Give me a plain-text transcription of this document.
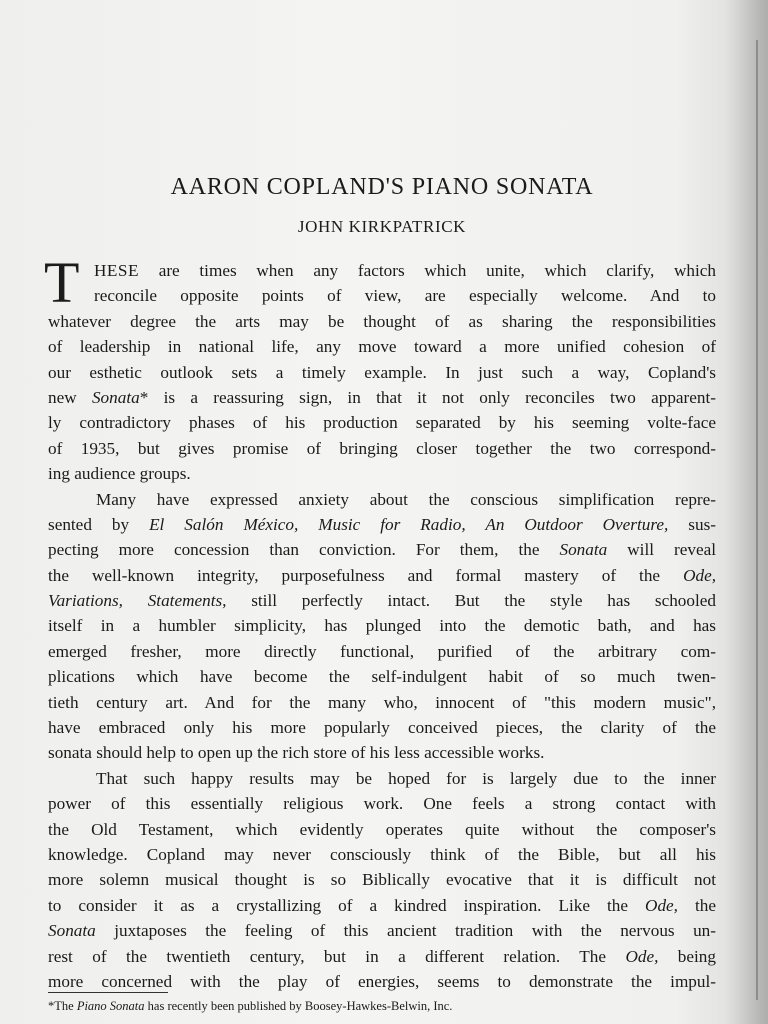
AARON COPLAND'S PIANO SONATA
JOHN KIRKPATRICK
T HESE are times when any factors which unite, which clarify, which
reconcile opposite points of view, are especially welcome. And to
whatever degree the arts may be thought of as sharing the responsibilities
of leadership in national life, any move toward a more unified cohesion of
our esthetic outlook sets a timely example. In just such a way, Copland's
new Sonata* is a reassuring sign, in that it not only reconciles two apparent-
ly contradictory phases of his production separated by his seeming volte-face
of 1935, but gives promise of bringing closer together the two correspond-
ing audience groups.
Many have expressed anxiety about the conscious simplification repre-
sented by El Salón México, Music for Radio, An Outdoor Overture, sus-
pecting more concession than conviction. For them, the Sonata will reveal
the well-known integrity, purposefulness and formal mastery of the Ode,
Variations, Statements, still perfectly intact. But the style has schooled
itself in a humbler simplicity, has plunged into the demotic bath, and has
emerged fresher, more directly functional, purified of the arbitrary com-
plications which have become the self-indulgent habit of so much twen-
tieth century art. And for the many who, innocent of "this modern music",
have embraced only his more popularly conceived pieces, the clarity of the
sonata should help to open up the rich store of his less accessible works.
That such happy results may be hoped for is largely due to the inner
power of this essentially religious work. One feels a strong contact with
the Old Testament, which evidently operates quite without the composer's
knowledge. Copland may never consciously think of the Bible, but all his
more solemn musical thought is so Biblically evocative that it is difficult not
to consider it as a crystallizing of a kindred inspiration. Like the Ode, the
Sonata juxtaposes the feeling of this ancient tradition with the nervous un-
rest of the twentieth century, but in a different relation. The Ode, being
more concerned with the play of energies, seems to demonstrate the impul-
*The Piano Sonata has recently been published by Boosey-Hawkes-Belwin, Inc.
